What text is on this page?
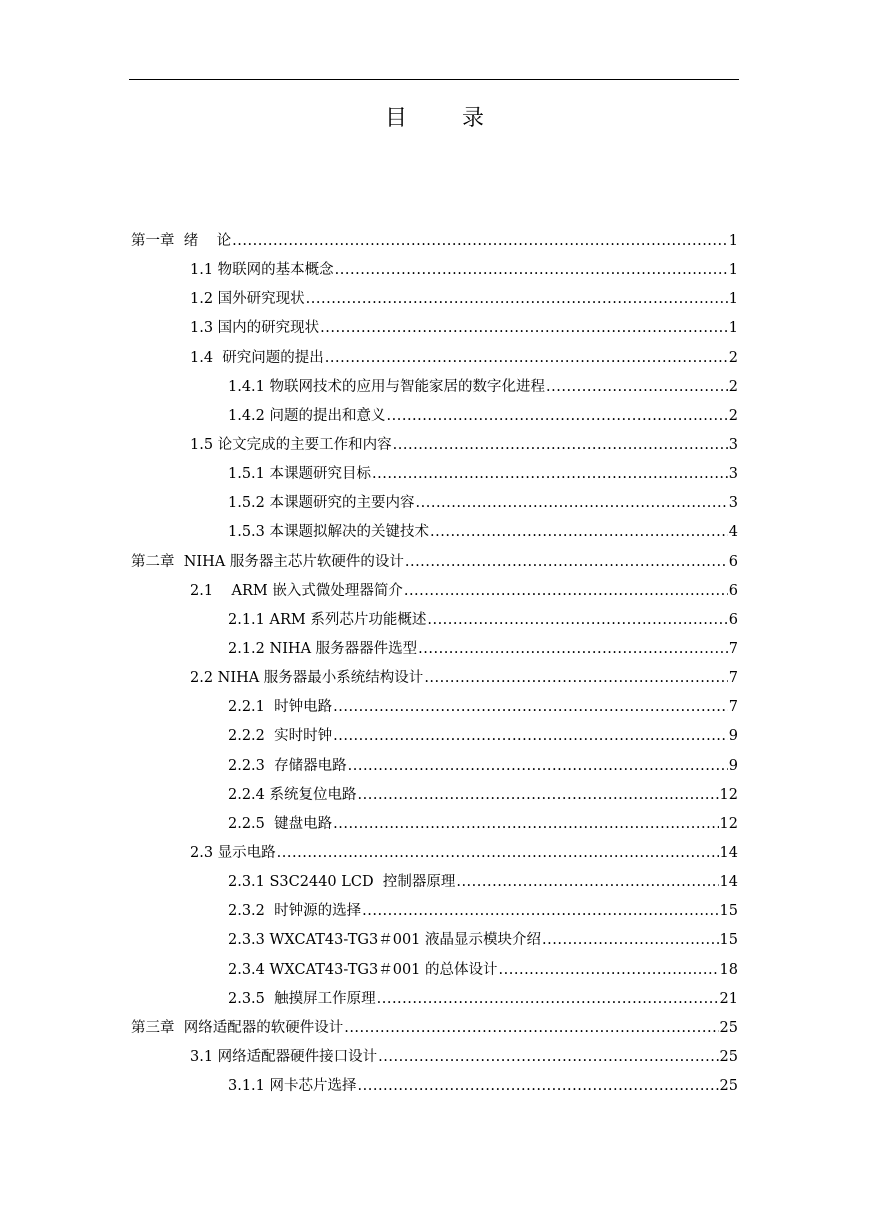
目 录
第一章  绪    论 .....	1
1.1 物联网的基本概念 .....	1
1.2 国外研究现状 .....	1
1.3 国内的研究现状 .....	1
1.4  研究问题的提出 .....	2
1.4.1 物联网技术的应用与智能家居的数字化进程 .....	2
1.4.2 问题的提出和意义 .....	2
1.5 论文完成的主要工作和内容 .....	3
1.5.1 本课题研究目标 .....	3
1.5.2 本课题研究的主要内容 .....	3
1.5.3 本课题拟解决的关键技术 .....	4
第二章  NIHA 服务器主芯片软硬件的设计 .....	6
2.1    ARM 嵌入式微处理器简介 .....	6
2.1.1 ARM 系列芯片功能概述 .....	6
2.1.2 NIHA 服务器器件选型 .....	7
2.2 NIHA 服务器最小系统结构设计 .....	7
2.2.1  时钟电路 .....	7
2.2.2  实时时钟 .....	9
2.2.3  存储器电路 .....	9
2.2.4 系统复位电路 .....	12
2.2.5  键盘电路 .....	12
2.3 显示电路 .....	14
2.3.1 S3C2440 LCD  控制器原理 .....	14
2.3.2  时钟源的选择 .....	15
2.3.3 WXCAT43-TG3＃001 液晶显示模块介绍 .....	15
2.3.4 WXCAT43-TG3＃001 的总体设计 .....	18
2.3.5  触摸屏工作原理 .....	21
第三章  网络适配器的软硬件设计 .....	25
3.1 网络适配器硬件接口设计 .....	25
3.1.1 网卡芯片选择 .....	25
